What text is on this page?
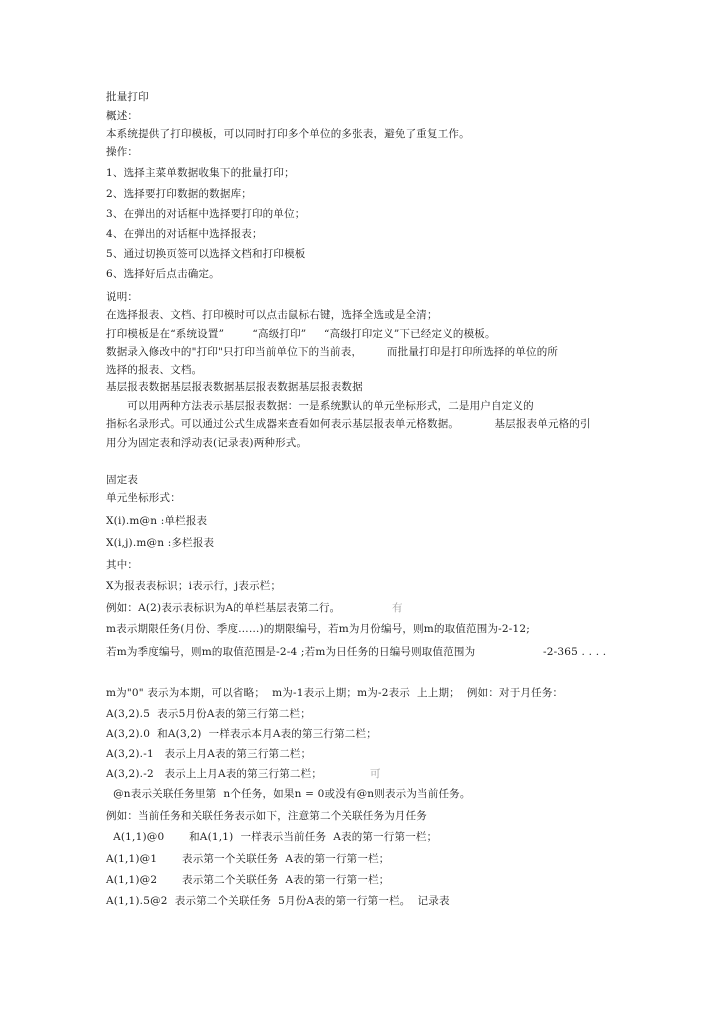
批量打印
概述：
本系统提供了打印模板，可以同时打印多个单位的多张表，避免了重复工作。
操作：
1、选择主菜单数据收集下的批量打印；
2、选择要打印数据的数据库；
3、在弹出的对话框中选择要打印的单位；
4、在弹出的对话框中选择报表；
5、通过切换页签可以选择文档和打印模板
6、选择好后点击确定。
说明：
在选择报表、文档、打印模时可以点击鼠标右键，选择全选或是全清；
打印模板是在“系统设置”        “高级打印”     “高级打印定义”下已经定义的模板。
数据录入修改中的"打印"只打印当前单位下的当前表，       而批量打印是打印所选择的单位的所
选择的报表、文档。
基层报表数据基层报表数据基层报表数据基层报表数据
可以用两种方法表示基层报表数据：一是系统默认的单元坐标形式，二是用户自定义的
指标名录形式。可以通过公式生成器来查看如何表示基层报表单元格数据。          基层报表单元格的引
用分为固定表和浮动表(记录表)两种形式。
固定表
单元坐标形式：
X(i).m@n :单栏报表
X(i,j).m@n :多栏报表
其中：
X为报表表标识；i表示行，j表示栏；
例如：A(2)表示表标识为A的单栏基层表第二行。	有
m表示期限任务(月份、季度……)的期限编号，若m为月份编号，则m的取值范围为-2-12;
若m为季度编号，则m的取值范围是-2-4 ;若m为日任务的日编号则取值范围为	-2-365 . . . .
m为"0" 表示为本期，可以省略；  m为-1表示上期；m为-2表示  上上期；  例如：对于月任务：
A(3,2).5  表示5月份A表的第三行第二栏；
A(3,2).0  和A(3,2)  一样表示本月A表的第三行第二栏；
A(3,2).-1   表示上月A表的第三行第二栏；
A(3,2).-2   表示上上月A表的第三行第二栏；	可
@n表示关联任务里第  n个任务，如果n = 0或没有@n则表示为当前任务。
例如：当前任务和关联任务表示如下，注意第二个关联任务为月任务
A(1,1)@0       和A(1,1)  一样表示当前任务  A表的第一行第一栏；
A(1,1)@1       表示第一个关联任务  A表的第一行第一栏；
A(1,1)@2       表示第二个关联任务  A表的第一行第一栏；
A(1,1).5@2  表示第二个关联任务  5月份A表的第一行第一栏。  记录表
